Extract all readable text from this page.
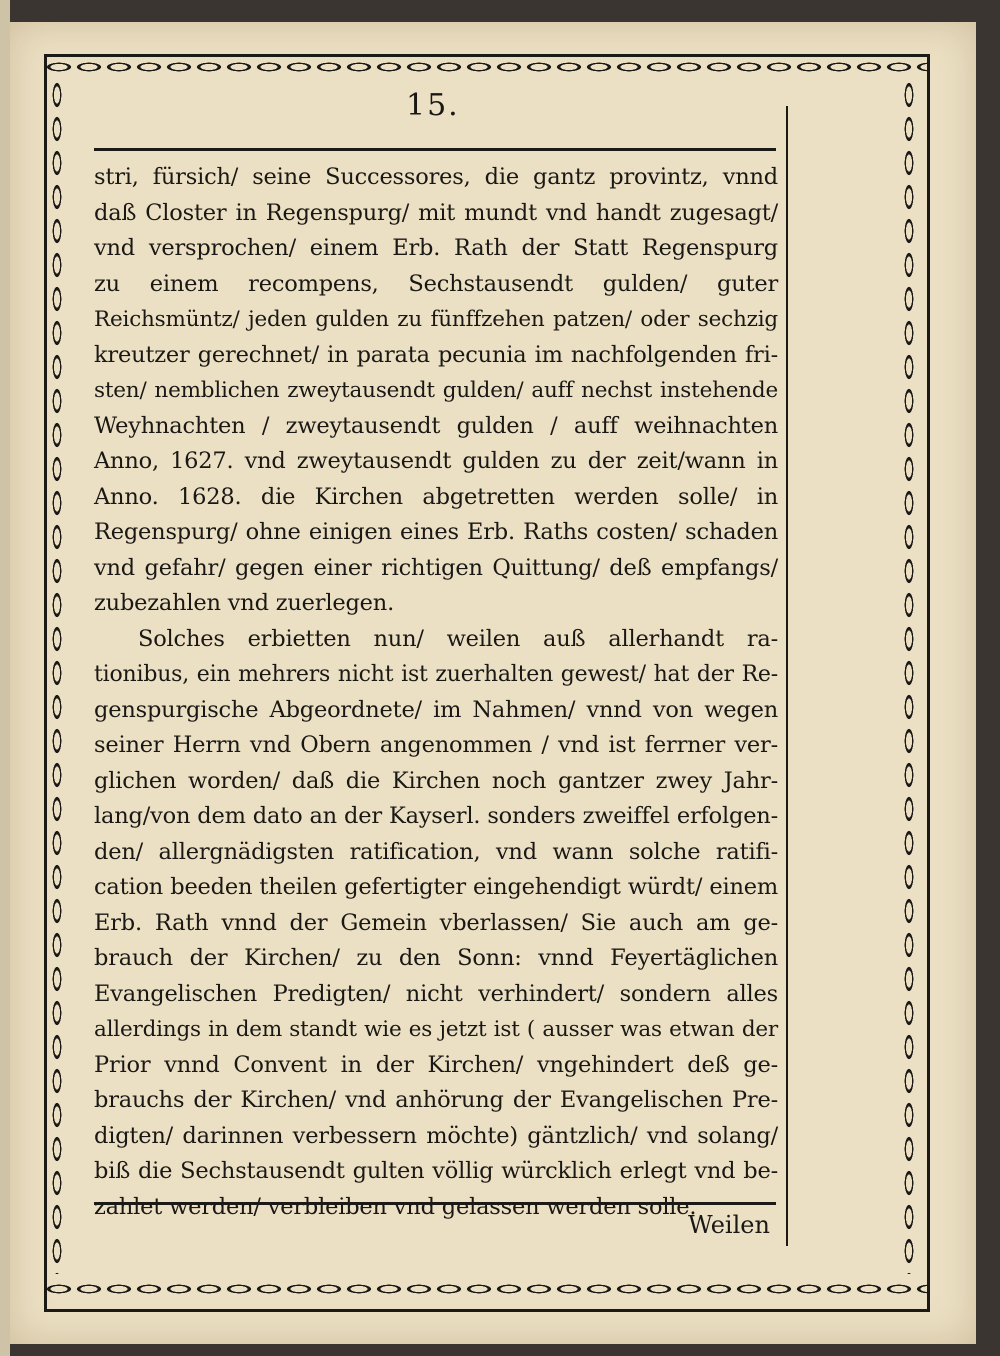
15.
stri, fürsich/ seine Successores, die gantz provintz, vnnd
daß Closter in Regenspurg/ mit mundt vnd handt zugesagt/
vnd versprochen/ einem Erb. Rath der Statt Regenspurg
zu einem recompens, Sechstausendt gulden/ guter
Reichsmüntz/ jeden gulden zu fünffzehen patzen/ oder sechzig
kreutzer gerechnet/ in parata pecunia im nachfolgenden fri-
sten/ nemblichen zweytausendt gulden/ auff nechst instehende
Weyhnachten / zweytausendt gulden / auff weihnachten
Anno, 1627. vnd zweytausendt gulden zu der zeit/wann in
Anno. 1628. die Kirchen abgetretten werden solle/ in
Regenspurg/ ohne einigen eines Erb. Raths costen/ schaden
vnd gefahr/ gegen einer richtigen Quittung/ deß empfangs/
zubezahlen vnd zuerlegen.
Solches erbietten nun/ weilen auß allerhandt ra-
tionibus, ein mehrers nicht ist zuerhalten gewest/ hat der Re-
genspurgische Abgeordnete/ im Nahmen/ vnnd von wegen
seiner Herrn vnd Obern angenommen / vnd ist ferrner ver-
glichen worden/ daß die Kirchen noch gantzer zwey Jahr-
lang/von dem dato an der Kayserl. sonders zweiffel erfolgen-
den/ allergnädigsten ratification, vnd wann solche ratifi-
cation beeden theilen gefertigter eingehendigt würdt/ einem
Erb. Rath vnnd der Gemein vberlassen/ Sie auch am ge-
brauch der Kirchen/ zu den Sonn: vnnd Feyertäglichen
Evangelischen Predigten/ nicht verhindert/ sondern alles
allerdings in dem standt wie es jetzt ist ( ausser was etwan der
Prior vnnd Convent in der Kirchen/ vngehindert deß ge-
brauchs der Kirchen/ vnd anhörung der Evangelischen Pre-
digten/ darinnen verbessern möchte) gäntzlich/ vnd solang/
biß die Sechstausendt gulten völlig würcklich erlegt vnd be-
zahlet werden/ verbleiben vnd gelassen werden solle.
Weilen
